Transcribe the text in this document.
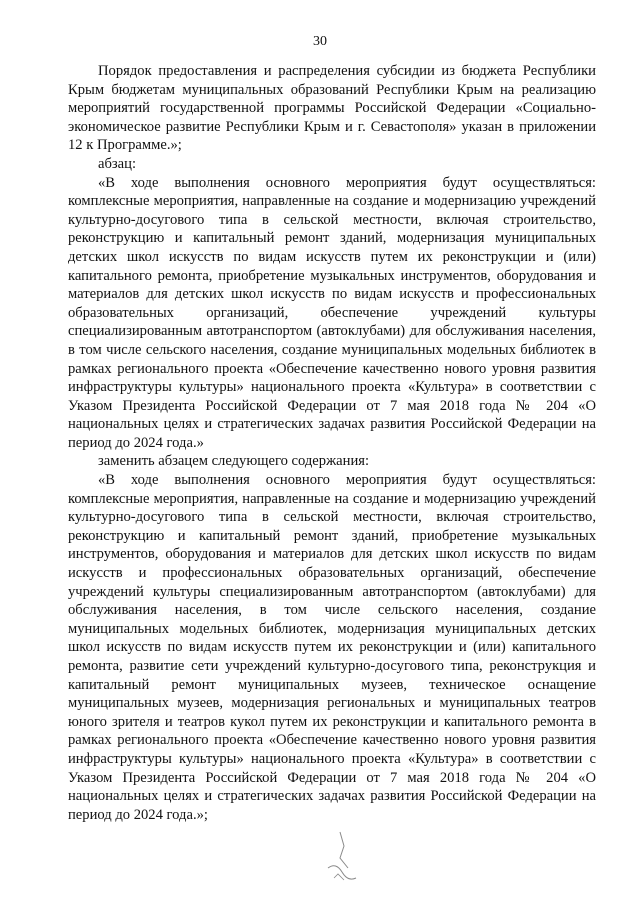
30

Порядок предоставления и распределения субсидии из бюджета Республики Крым бюджетам муниципальных образований Республики Крым на реализацию мероприятий государственной программы Российской Федерации «Социально-экономическое развитие Республики Крым и г. Севастополя» указан в приложении 12 к Программе.»;

абзац:

«В ходе выполнения основного мероприятия будут осуществляться: комплексные мероприятия, направленные на создание и модернизацию учреждений культурно-досугового типа в сельской местности, включая строительство, реконструкцию и капитальный ремонт зданий, модернизация муниципальных детских школ искусств по видам искусств путем их реконструкции и (или) капитального ремонта, приобретение музыкальных инструментов, оборудования и материалов для детских школ искусств по видам искусств и профессиональных образовательных организаций, обеспечение учреждений культуры специализированным автотранспортом (автоклубами) для обслуживания населения, в том числе сельского населения, создание муниципальных модельных библиотек в рамках регионального проекта «Обеспечение качественно нового уровня развития инфраструктуры культуры» национального проекта «Культура» в соответствии с Указом Президента Российской Федерации от 7 мая 2018 года № 204 «О национальных целях и стратегических задачах развития Российской Федерации на период до 2024 года.»

заменить абзацем следующего содержания:

«В ходе выполнения основного мероприятия будут осуществляться: комплексные мероприятия, направленные на создание и модернизацию учреждений культурно-досугового типа в сельской местности, включая строительство, реконструкцию и капитальный ремонт зданий, приобретение музыкальных инструментов, оборудования и материалов для детских школ искусств по видам искусств и профессиональных образовательных организаций, обеспечение учреждений культуры специализированным автотранспортом (автоклубами) для обслуживания населения, в том числе сельского населения, создание муниципальных модельных библиотек, модернизация муниципальных детских школ искусств по видам искусств путем их реконструкции и (или) капитального ремонта, развитие сети учреждений культурно-досугового типа, реконструкция и капитальный ремонт муниципальных музеев, техническое оснащение муниципальных музеев, модернизация региональных и муниципальных театров юного зрителя и театров кукол путем их реконструкции и капитального ремонта в рамках регионального проекта «Обеспечение качественно нового уровня развития инфраструктуры культуры» национального проекта «Культура» в соответствии с Указом Президента Российской Федерации от 7 мая 2018 года № 204 «О национальных целях и стратегических задачах развития Российской Федерации на период до 2024 года.»;
